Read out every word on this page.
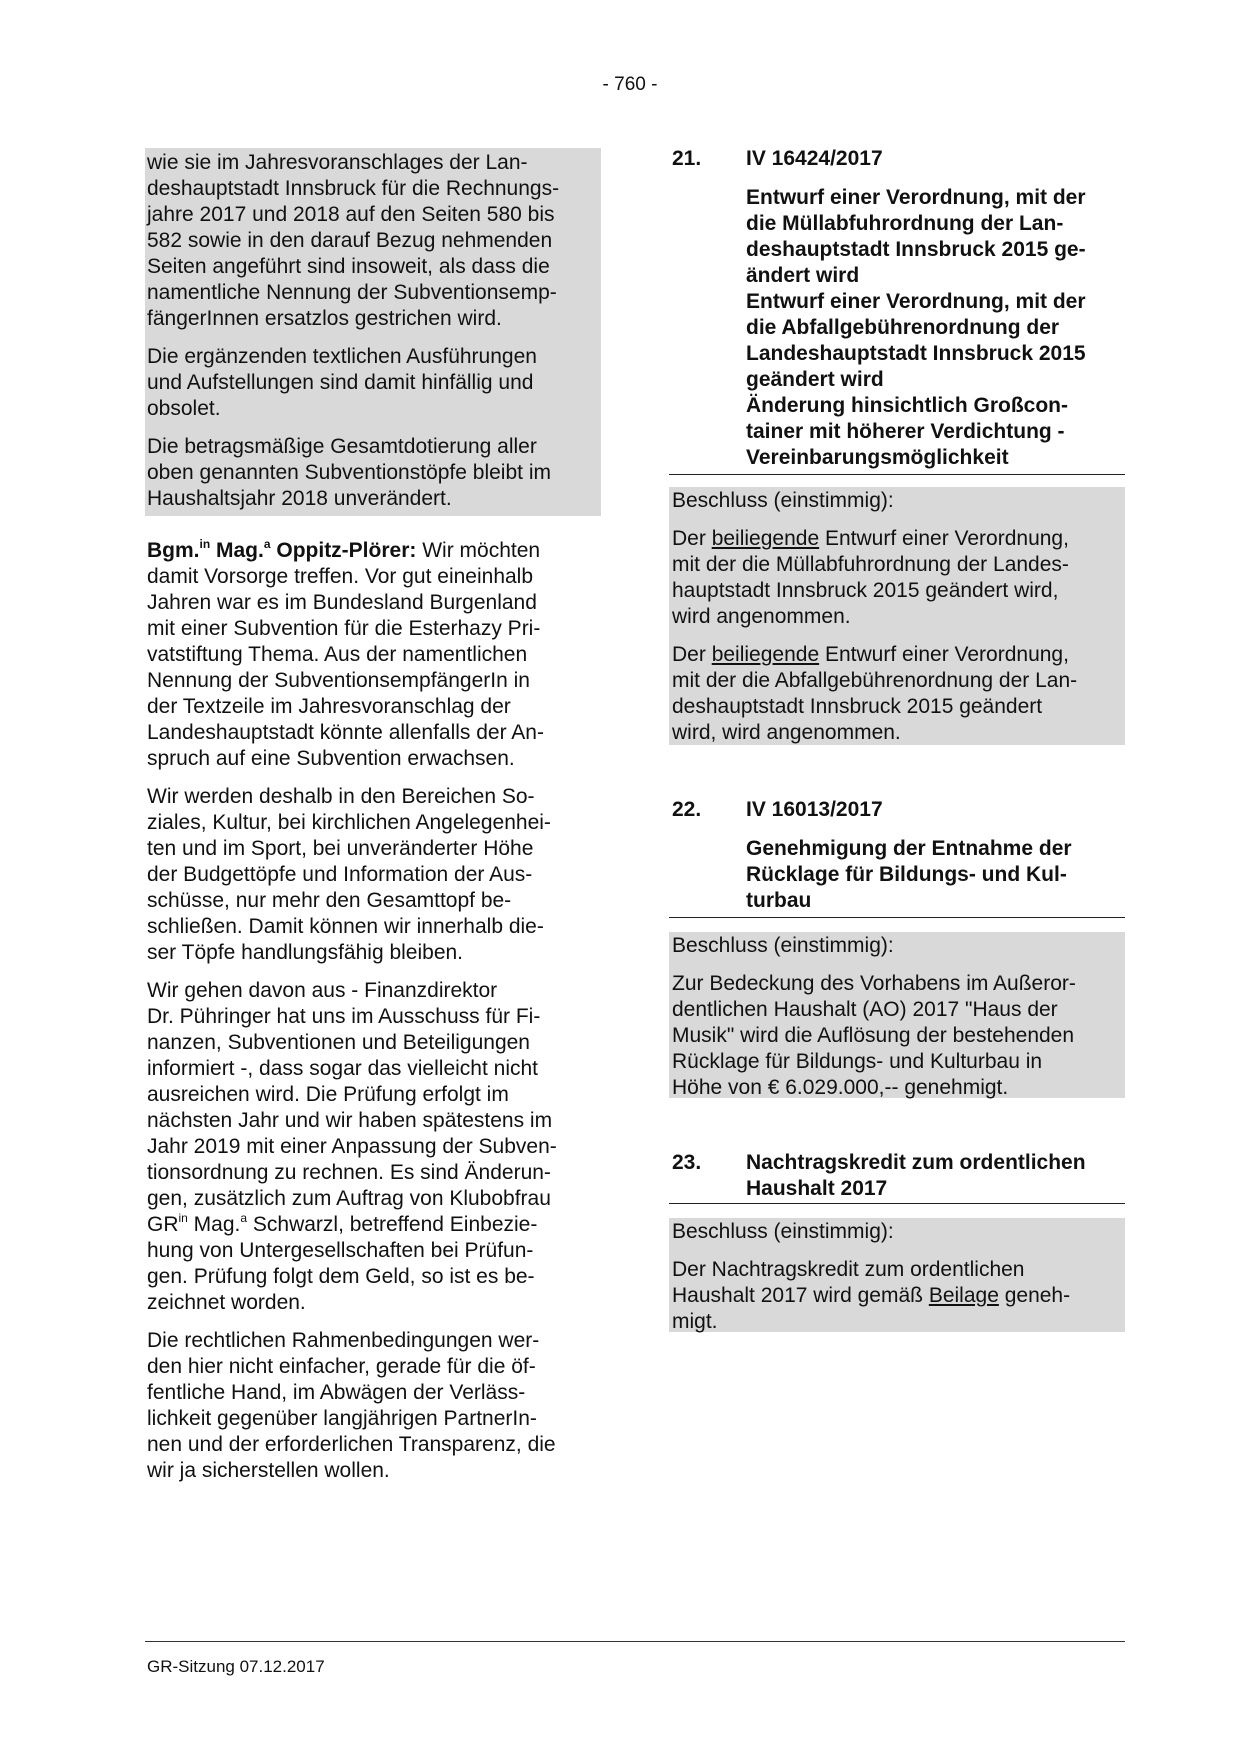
- 760 -

wie sie im Jahresvoranschlages der Lan-
deshauptstadt Innsbruck für die Rechnungs-
jahre 2017 und 2018 auf den Seiten 580 bis
582 sowie in den darauf Bezug nehmenden
Seiten angeführt sind insoweit, als dass die
namentliche Nennung der Subventionsemp-
fängerInnen ersatzlos gestrichen wird.

Die ergänzenden textlichen Ausführungen
und Aufstellungen sind damit hinfällig und
obsolet.

Die betragsmäßige Gesamtdotierung aller
oben genannten Subventionstöpfe bleibt im
Haushaltsjahr 2018 unverändert.

Bgm.$^{in}$ Mag.$^a$ Oppitz-Plörer: Wir möchten
damit Vorsorge treffen. Vor gut eineinhalb
Jahren war es im Bundesland Burgenland
mit einer Subvention für die Esterhazy Pri-
vatstiftung Thema. Aus der namentlichen
Nennung der SubventionsempfängerIn in
der Textzeile im Jahresvoranschlag der
Landeshauptstadt könnte allenfalls der An-
spruch auf eine Subvention erwachsen.

Wir werden deshalb in den Bereichen So-
ziales, Kultur, bei kirchlichen Angelegenhei-
ten und im Sport, bei unveränderter Höhe
der Budgettöpfe und Information der Aus-
schüsse, nur mehr den Gesamttopf be-
schließen. Damit können wir innerhalb die-
ser Töpfe handlungsfähig bleiben.

Wir gehen davon aus - Finanzdirektor
Dr. Pühringer hat uns im Ausschuss für Fi-
nanzen, Subventionen und Beteiligungen
informiert -, dass sogar das vielleicht nicht
ausreichen wird. Die Prüfung erfolgt im
nächsten Jahr und wir haben spätestens im
Jahr 2019 mit einer Anpassung der Subven-
tionsordnung zu rechnen. Es sind Änderun-
gen, zusätzlich zum Auftrag von Klubobfrau
$GR^{in}$ Mag.$^a$ Schwarzl, betreffend Einbezie-
hung von Untergesellschaften bei Prüfun-
gen. Prüfung folgt dem Geld, so ist es be-
zeichnet worden.

Die rechtlichen Rahmenbedingungen wer-
den hier nicht einfacher, gerade für die öf-
fentliche Hand, im Abwägen der Verläss-
lichkeit gegenüber langjährigen PartnerIn-
nen und der erforderlichen Transparenz, die
wir ja sicherstellen wollen.

21. IV 16424/2017
Entwurf einer Verordnung, mit der
die Müllabfuhrordnung der Lan-
deshauptstadt Innsbruck 2015 ge-
ändert wird
Entwurf einer Verordnung, mit der
die Abfallgebührenordnung der
Landeshauptstadt Innsbruck 2015
geändert wird
Änderung hinsichtlich Großcon-
tainer mit höherer Verdichtung -
Vereinbarungsmöglichkeit

Beschluss (einstimmig):

Der beiliegende Entwurf einer Verordnung,
mit der die Müllabfuhrordnung der Landes-
hauptstadt Innsbruck 2015 geändert wird,
wird angenommen.

Der beiliegende Entwurf einer Verordnung,
mit der die Abfallgebührenordnung der Lan-
deshauptstadt Innsbruck 2015 geändert
wird, wird angenommen.

22. IV 16013/2017
Genehmigung der Entnahme der
Rücklage für Bildungs- und Kul-
turbau

Beschluss (einstimmig):

Zur Bedeckung des Vorhabens im Außeror-
dentlichen Haushalt (AO) 2017 "Haus der
Musik" wird die Auflösung der bestehenden
Rücklage für Bildungs- und Kulturbau in
Höhe von € 6.029.000,-- genehmigt.

23. Nachtragskredit zum ordentlichen
Haushalt 2017

Beschluss (einstimmig):

Der Nachtragskredit zum ordentlichen
Haushalt 2017 wird gemäß Beilage geneh-
migt.

GR-Sitzung 07.12.2017
